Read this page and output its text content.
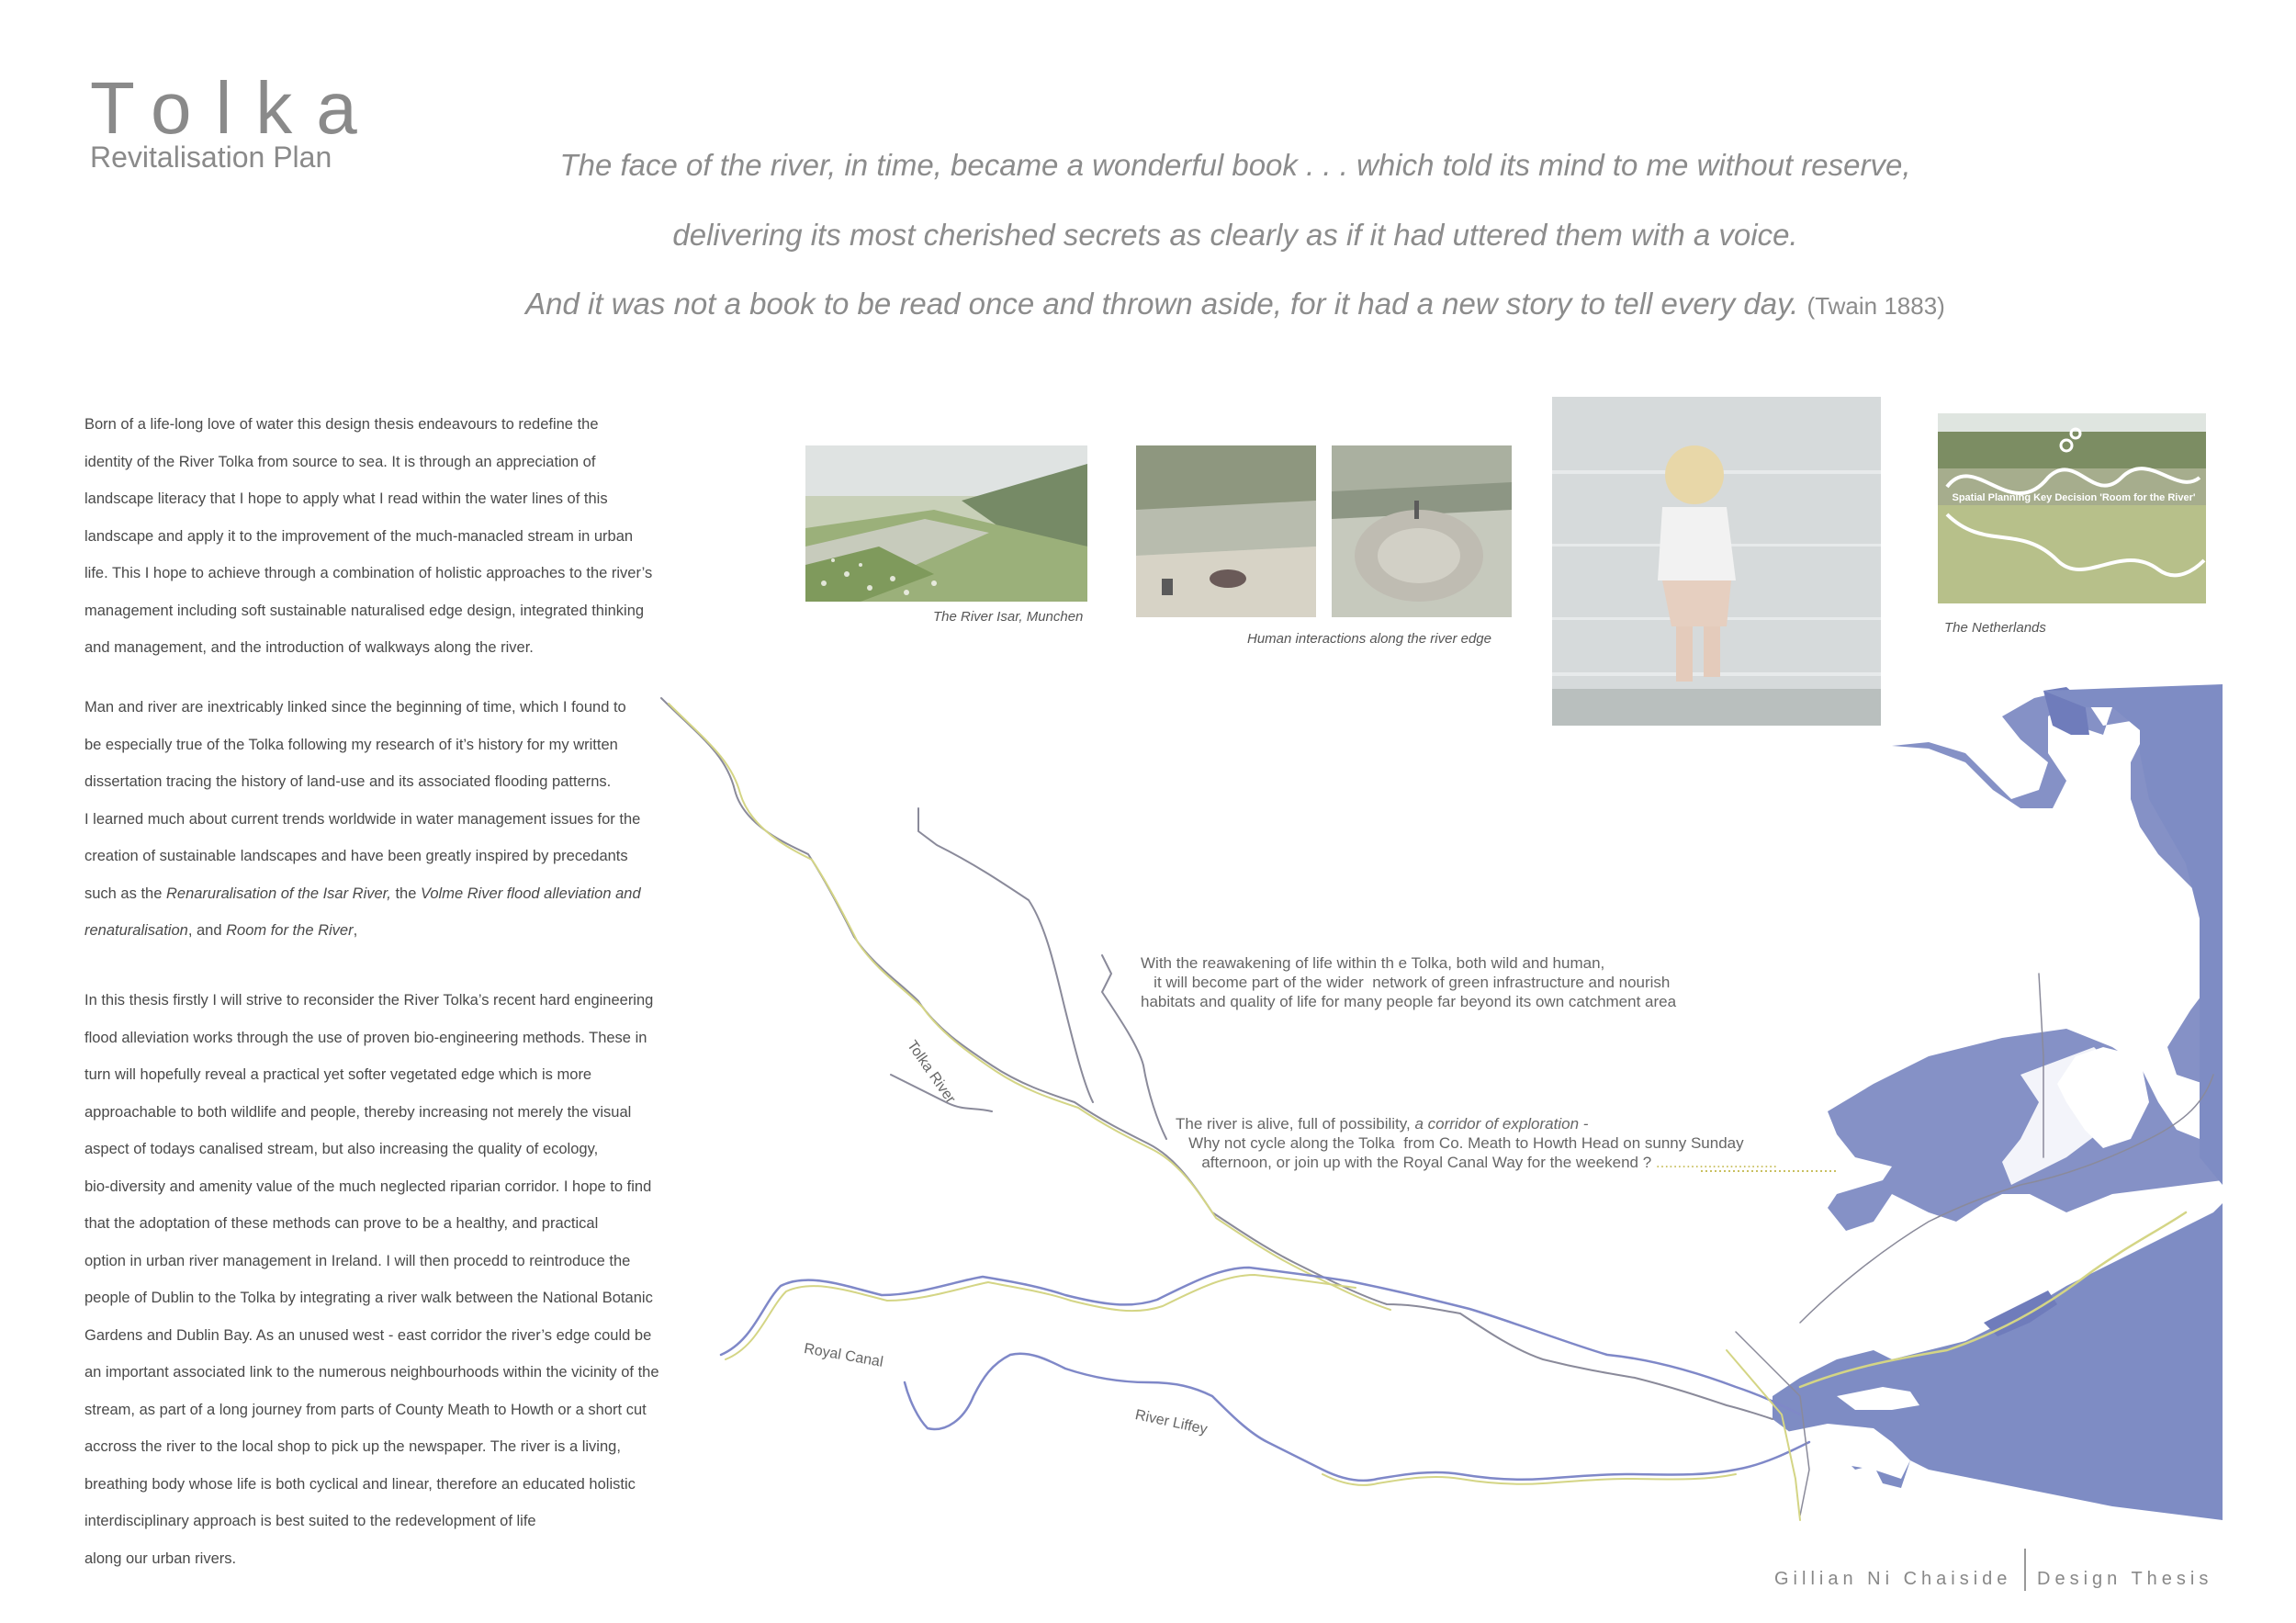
Tolka
Revitalisation Plan	The face of the river, in time, became a wonderful book . . . which told its mind to me without reserve,
delivering its most cherished secrets as clearly as if it had uttered them with a voice.
And it was not a book to be read once and thrown aside, for it had a new story to tell every day. (Twain 1883)

Born of a life-long love of water this design thesis endeavours to redefine the

identity of the River Tolka from source to sea. It is through an appreciation of

landscape literacy that I hope to apply what I read within the water lines of this

landscape and apply it to the improvement of the much-manacled stream in urban

life. This I hope to achieve through a combination of holistic approaches to the river’s

management including soft sustainable naturalised edge design, integrated thinking

and management, and the introduction of walkways along the river.

Man and river are inextricably linked since the beginning of time, which I found to

be especially true of the Tolka following my research of it’s history for my written

dissertation tracing the history of land-use and its associated flooding patterns.

I learned much about current trends worldwide in water management issues for the

creation of sustainable landscapes and have been greatly inspired by precedants

such as the Renaruralisation of the Isar River, the Volme River flood alleviation and

renaturalisation, and Room for the River,

In this thesis firstly I will strive to reconsider the River Tolka’s recent hard engineering

flood alleviation works through the use of proven bio-engineering methods. These in

turn will hopefully reveal a practical yet softer vegetated edge which is more

approachable to both wildlife and people, thereby increasing not merely the visual

aspect of todays canalised stream, but also increasing the quality of ecology,

bio-diversity and amenity value of the much neglected riparian corridor. I hope to find

that the adoptation of these methods can prove to be a healthy, and practical

option in urban river management in Ireland. I will then procedd to reintroduce the

people of Dublin to the Tolka by integrating a river walk between the National Botanic

Gardens and Dublin Bay. As an unused west - east corridor the river’s edge could be

an important associated link to the numerous neighbourhoods within the vicinity of the

stream, as part of a long journey from parts of County Meath to Howth or a short cut

accross the river to the local shop to pick up the newspaper. The river is a living,

breathing body whose life is both cyclical and linear, therefore an educated holistic

interdisciplinary approach is best suited to the redevelopment of life

along our urban rivers.

Tolka River
Royal Canal
River Liffey
With the reawakening of life within th e Tolka, both wild and human,
it will become part of the wider  network of green infrastructure and nourish
habitats and quality of life for many people far beyond its own catchment area
The river is alive, full of possibility, a corridor of exploration -
Why not cycle along the Tolka  from Co. Meath to Howth Head on sunny Sunday
afternoon, or join up with the Royal Canal Way for the weekend ? ............................
The River Isar, Munchen
Human interactions along the river edge
Spatial Planning Key Decision 'Room for the River'
The Netherlands
Gillian Ni Chaiside Design Thesis
